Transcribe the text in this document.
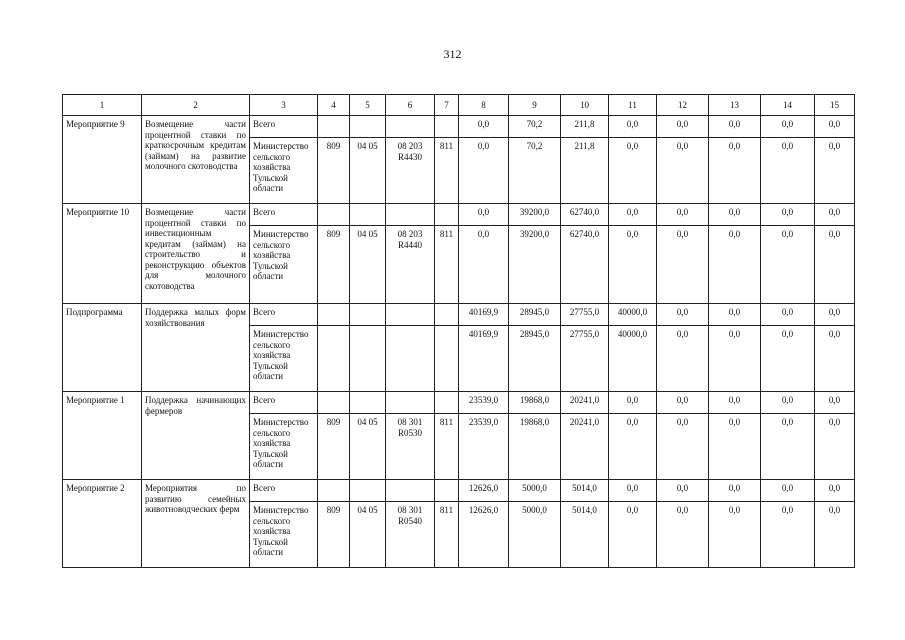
312
1	2	3	4	5	6	7	8	9	10	11	12	13	14	15
Мероприятие 9	Возмещение части процентной ставки по краткосрочным кредитам (займам) на развитие молочного скотоводства	Всего					0,0	70,2	211,8	0,0	0,0	0,0	0,0	0,0
		Министерство сельского хозяйства Тульской области	809	04 05	08 203 R4430	811	0,0	70,2	211,8	0,0	0,0	0,0	0,0	0,0
Мероприятие 10	Возмещение части процентной ставки по инвестиционным кредитам (займам) на строительство и реконструкцию объектов для молочного скотоводства	Всего					0,0	39200,0	62740,0	0,0	0,0	0,0	0,0	0,0
		Министерство сельского хозяйства Тульской области	809	04 05	08 203 R4440	811	0,0	39200,0	62740,0	0,0	0,0	0,0	0,0	0,0
Подпрограмма	Поддержка малых форм хозяйствования	Всего					40169,9	28945,0	27755,0	40000,0	0,0	0,0	0,0	0,0
		Министерство сельского хозяйства Тульской области					40169,9	28945,0	27755,0	40000,0	0,0	0,0	0,0	0,0
Мероприятие 1	Поддержка начинающих фермеров	Всего					23539,0	19868,0	20241,0	0,0	0,0	0,0	0,0	0,0
		Министерство сельского хозяйства Тульской области	809	04 05	08 301 R0530	811	23539,0	19868,0	20241,0	0,0	0,0	0,0	0,0	0,0
Мероприятие 2	Мероприятия по развитию семейных животноводческих ферм	Всего					12626,0	5000,0	5014,0	0,0	0,0	0,0	0,0	0,0
		Министерство сельского хозяйства Тульской области	809	04 05	08 301 R0540	811	12626,0	5000,0	5014,0	0,0	0,0	0,0	0,0	0,0
